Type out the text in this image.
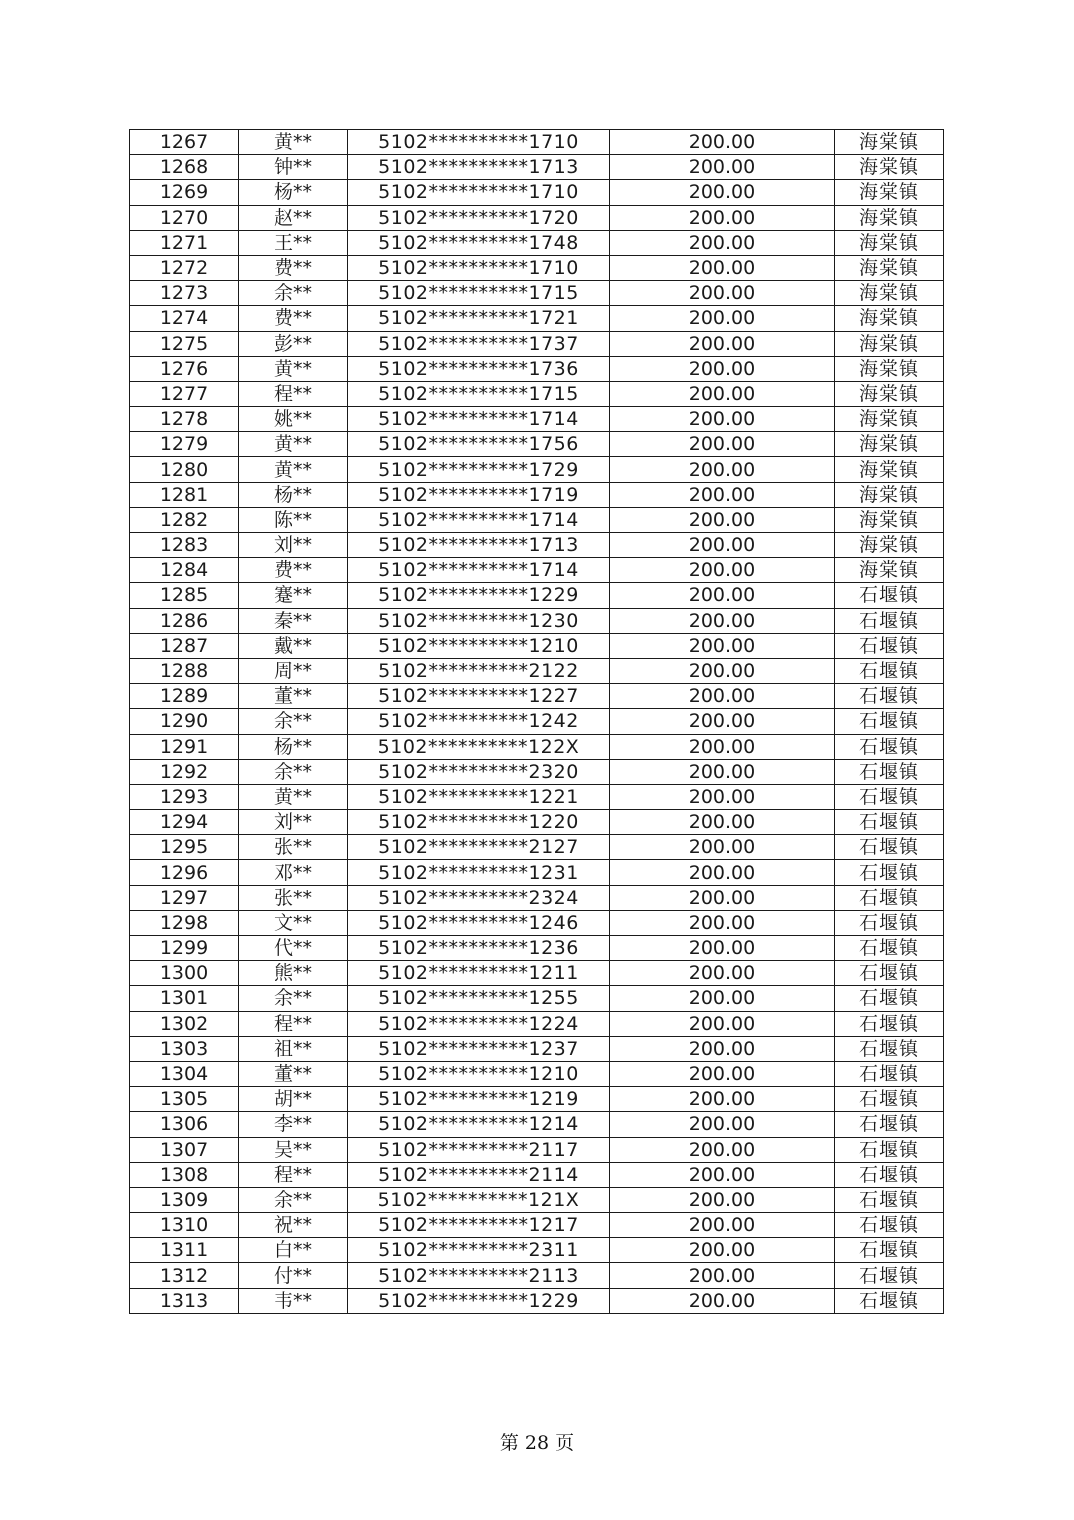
1267	黄**	5102**********1710	200.00	海棠镇
1268	钟**	5102**********1713	200.00	海棠镇
1269	杨**	5102**********1710	200.00	海棠镇
1270	赵**	5102**********1720	200.00	海棠镇
1271	王**	5102**********1748	200.00	海棠镇
1272	费**	5102**********1710	200.00	海棠镇
1273	余**	5102**********1715	200.00	海棠镇
1274	费**	5102**********1721	200.00	海棠镇
1275	彭**	5102**********1737	200.00	海棠镇
1276	黄**	5102**********1736	200.00	海棠镇
1277	程**	5102**********1715	200.00	海棠镇
1278	姚**	5102**********1714	200.00	海棠镇
1279	黄**	5102**********1756	200.00	海棠镇
1280	黄**	5102**********1729	200.00	海棠镇
1281	杨**	5102**********1719	200.00	海棠镇
1282	陈**	5102**********1714	200.00	海棠镇
1283	刘**	5102**********1713	200.00	海棠镇
1284	费**	5102**********1714	200.00	海棠镇
1285	蹇**	5102**********1229	200.00	石堰镇
1286	秦**	5102**********1230	200.00	石堰镇
1287	戴**	5102**********1210	200.00	石堰镇
1288	周**	5102**********2122	200.00	石堰镇
1289	董**	5102**********1227	200.00	石堰镇
1290	余**	5102**********1242	200.00	石堰镇
1291	杨**	5102**********122X	200.00	石堰镇
1292	余**	5102**********2320	200.00	石堰镇
1293	黄**	5102**********1221	200.00	石堰镇
1294	刘**	5102**********1220	200.00	石堰镇
1295	张**	5102**********2127	200.00	石堰镇
1296	邓**	5102**********1231	200.00	石堰镇
1297	张**	5102**********2324	200.00	石堰镇
1298	文**	5102**********1246	200.00	石堰镇
1299	代**	5102**********1236	200.00	石堰镇
1300	熊**	5102**********1211	200.00	石堰镇
1301	余**	5102**********1255	200.00	石堰镇
1302	程**	5102**********1224	200.00	石堰镇
1303	祖**	5102**********1237	200.00	石堰镇
1304	董**	5102**********1210	200.00	石堰镇
1305	胡**	5102**********1219	200.00	石堰镇
1306	李**	5102**********1214	200.00	石堰镇
1307	吴**	5102**********2117	200.00	石堰镇
1308	程**	5102**********2114	200.00	石堰镇
1309	余**	5102**********121X	200.00	石堰镇
1310	祝**	5102**********1217	200.00	石堰镇
1311	白**	5102**********2311	200.00	石堰镇
1312	付**	5102**********2113	200.00	石堰镇
1313	韦**	5102**********1229	200.00	石堰镇
第 28 页
